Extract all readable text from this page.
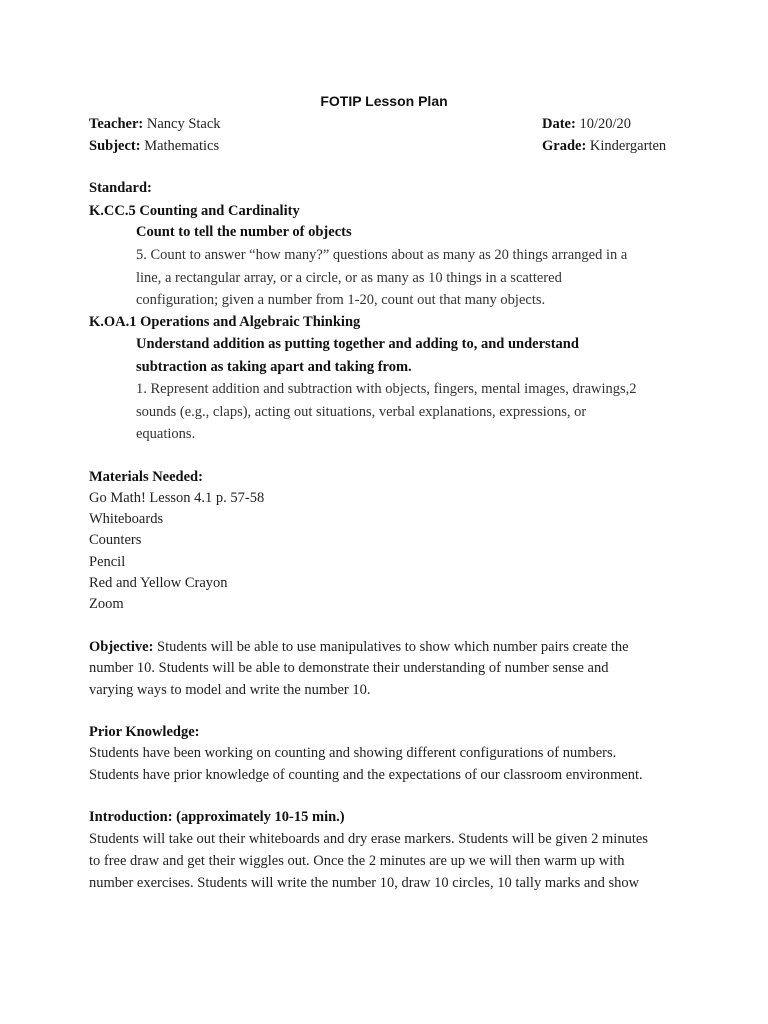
FOTIP Lesson Plan
Teacher: Nancy Stack	Date: 10/20/20
Subject: Mathematics	Grade: Kindergarten
Standard:
K.CC.5 Counting and Cardinality
Count to tell the number of objects
5. Count to answer “how many?” questions about as many as 20 things arranged in a
line, a rectangular array, or a circle, or as many as 10 things in a scattered
configuration; given a number from 1-20, count out that many objects.
K.OA.1 Operations and Algebraic Thinking
Understand addition as putting together and adding to, and understand
subtraction as taking apart and taking from.
1. Represent addition and subtraction with objects, fingers, mental images, drawings,2
sounds (e.g., claps), acting out situations, verbal explanations, expressions, or
equations.
Materials Needed:
Go Math! Lesson 4.1 p. 57-58
Whiteboards
Counters
Pencil
Red and Yellow Crayon
Zoom
Objective: Students will be able to use manipulatives to show which number pairs create the
number 10. Students will be able to demonstrate their understanding of number sense and
varying ways to model and write the number 10.
Prior Knowledge:
Students have been working on counting and showing different configurations of numbers.
Students have prior knowledge of counting and the expectations of our classroom environment.
Introduction: (approximately 10-15 min.)
Students will take out their whiteboards and dry erase markers. Students will be given 2 minutes
to free draw and get their wiggles out. Once the 2 minutes are up we will then warm up with
number exercises. Students will write the number 10, draw 10 circles, 10 tally marks and show
